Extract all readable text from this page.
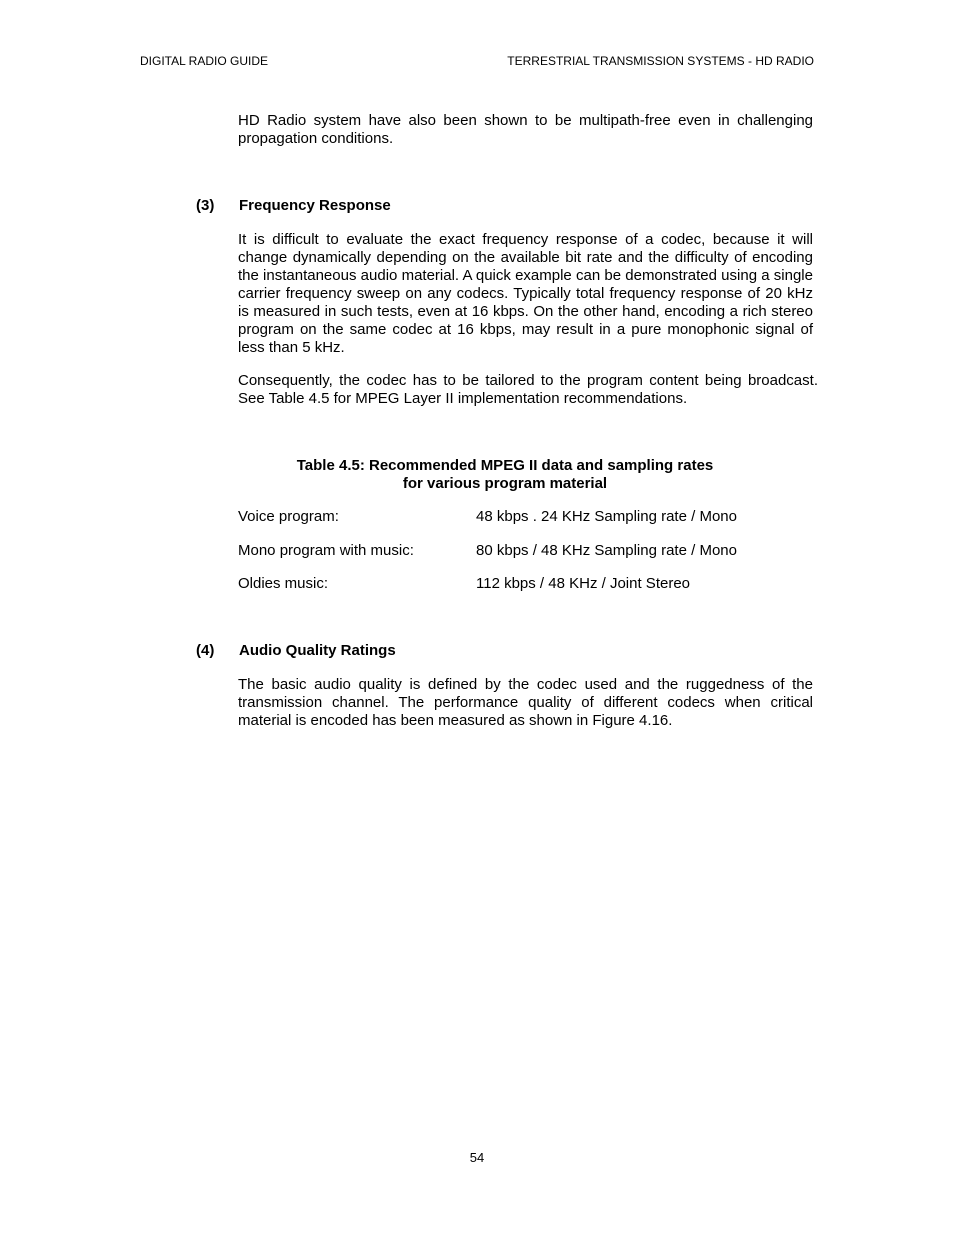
DIGITAL RADIO GUIDE	TERRESTRIAL TRANSMISSION SYSTEMS - HD RADIO
HD Radio system have also been shown to be multipath-free even in challenging propagation conditions.
(3) Frequency Response
It is difficult to evaluate the exact frequency response of a codec, because it will change dynamically depending on the available bit rate and the difficulty of encoding the instantaneous audio material. A quick example can be demonstrated using a single carrier frequency sweep on any codecs. Typically total frequency response of 20 kHz is measured in such tests, even at 16 kbps. On the other hand, encoding a rich stereo program on the same codec at 16 kbps, may result in a pure monophonic signal of less than 5 kHz.
Consequently, the codec has to be tailored to the program content being broadcast. See Table 4.5 for MPEG Layer II implementation recommendations.
Table 4.5: Recommended MPEG II data and sampling rates
for various program material
Voice program:	48 kbps . 24 KHz Sampling rate / Mono
Mono program with music:	80 kbps / 48 KHz Sampling rate / Mono
Oldies music:	112 kbps / 48 KHz / Joint Stereo
(4) Audio Quality Ratings
The basic audio quality is defined by the codec used and the ruggedness of the transmission channel. The performance quality of different codecs when critical material is encoded has been measured as shown in Figure 4.16.
54
